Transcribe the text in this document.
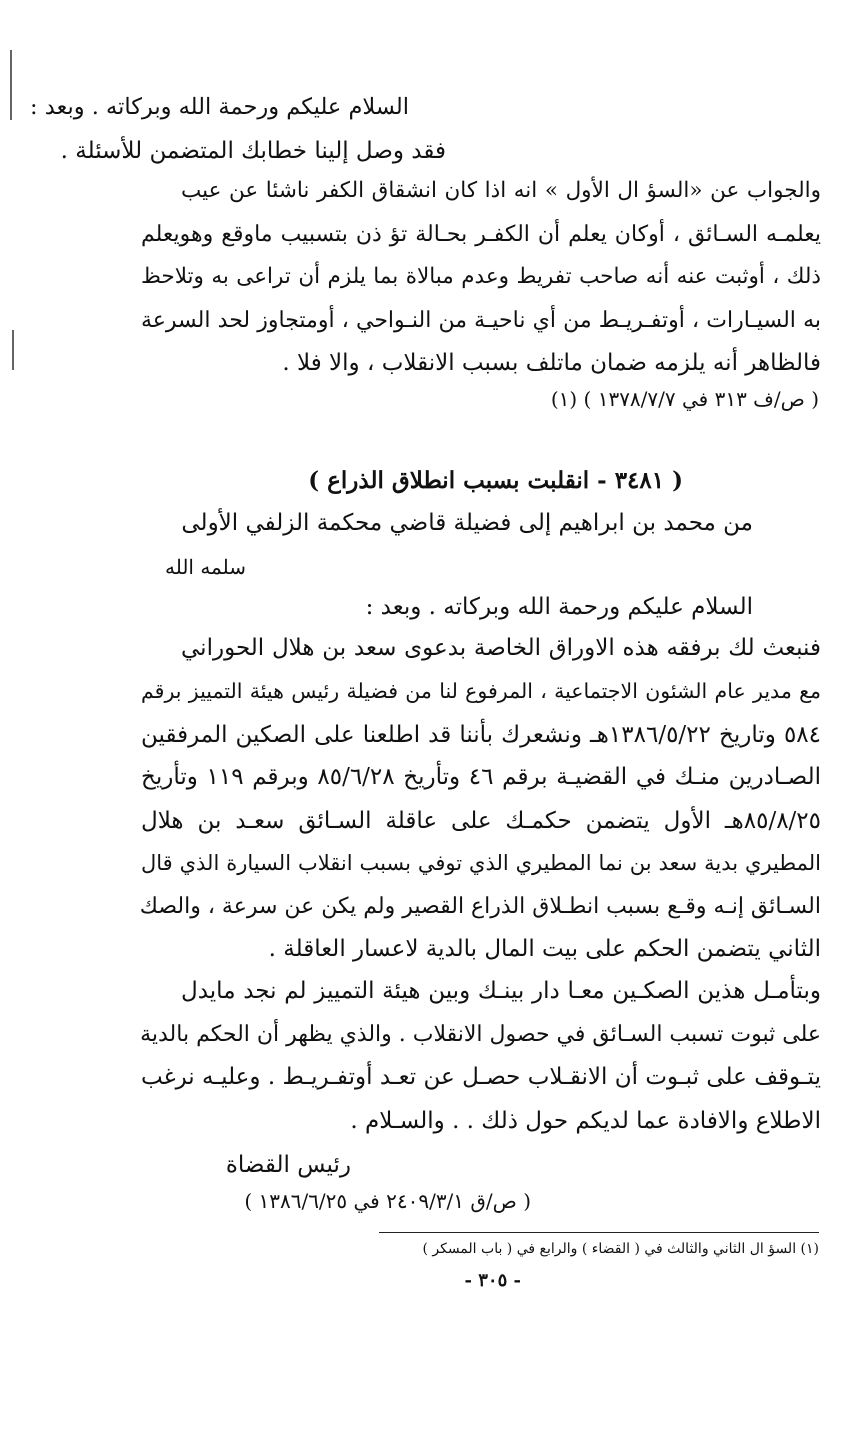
السلام عليكم ورحمة الله وبركاته . وبعد :
فقد وصل إلينا خطابك المتضمن للأسئلة .
والجواب عن «السؤ ال الأول » انه اذا كان انشقاق الكفر ناشئا عن عيب
يعلمـه السـائق ، أوكان يعلم أن الكفـر بحـالة تؤ ذن بتسبيب ماوقع وهويعلم
ذلك ، أوثبت عنه أنه صاحب تفريط وعدم مبالاة بما يلزم أن تراعى به وتلاحظ
به السيـارات ، أوتفـريـط من أي ناحيـة من النـواحي ، أومتجاوز لحد السرعة
فالظاهر أنه يلزمه ضمان ماتلف بسبب الانقلاب ، والا فلا .
( ص/ف ٣١٣ في ١٣٧٨/٧/٧ ) (١)
( ٣٤٨١ - انقلبت بسبب انطلاق الذراع )
من محمد بن ابراهيم إلى فضيلة قاضي محكمة الزلفي الأولى
سلمه الله
السلام عليكم ورحمة الله وبركاته . وبعد :
فنبعث لك برفقه هذه الاوراق الخاصة بدعوى سعد بن هلال الحوراني
مع مدير عام الشئون الاجتماعية ، المرفوع لنا من فضيلة رئيس هيئة التمييز برقم
٥٨٤ وتاريخ ١٣٨٦/٥/٢٢هـ ونشعرك بأننا قد اطلعنا على الصكين المرفقين
الصـادرين منـك في القضيـة برقم ٤٦ وتأريخ ٨٥/٦/٢٨ وبرقم ١١٩ وتأريخ
٨٥/٨/٢٥هـ الأول يتضمن حكمـك على عاقلة السـائق سعـد بن هلال
المطيري بدية سعد بن نما المطيري الذي توفي بسبب انقلاب السيارة الذي قال
السـائق إنـه وقـع بسبب انطـلاق الذراع القصير ولم يكن عن سرعة ، والصك
الثاني يتضمن الحكم على بيت المال بالدية لاعسار العاقلة .
وبتأمـل هذين الصكـين معـا دار بينـك وبين هيئة التمييز لم نجد مايدل
على ثبوت تسبب السـائق في حصول الانقلاب . والذي يظهر أن الحكم بالدية
يتـوقف على ثبـوت أن الانقـلاب حصـل عن تعـد أوتفـريـط . وعليـه نرغب
الاطلاع والافادة عما لديكم حول ذلك . . والسـلام .
رئيس القضاة
( ص/ق ٢٤٠٩/٣/١ في ١٣٨٦/٦/٢٥ )
(١) السؤ ال الثاني والثالث في ( القضاء ) والرابع في ( باب المسكر )
- ٣٠٥ -
